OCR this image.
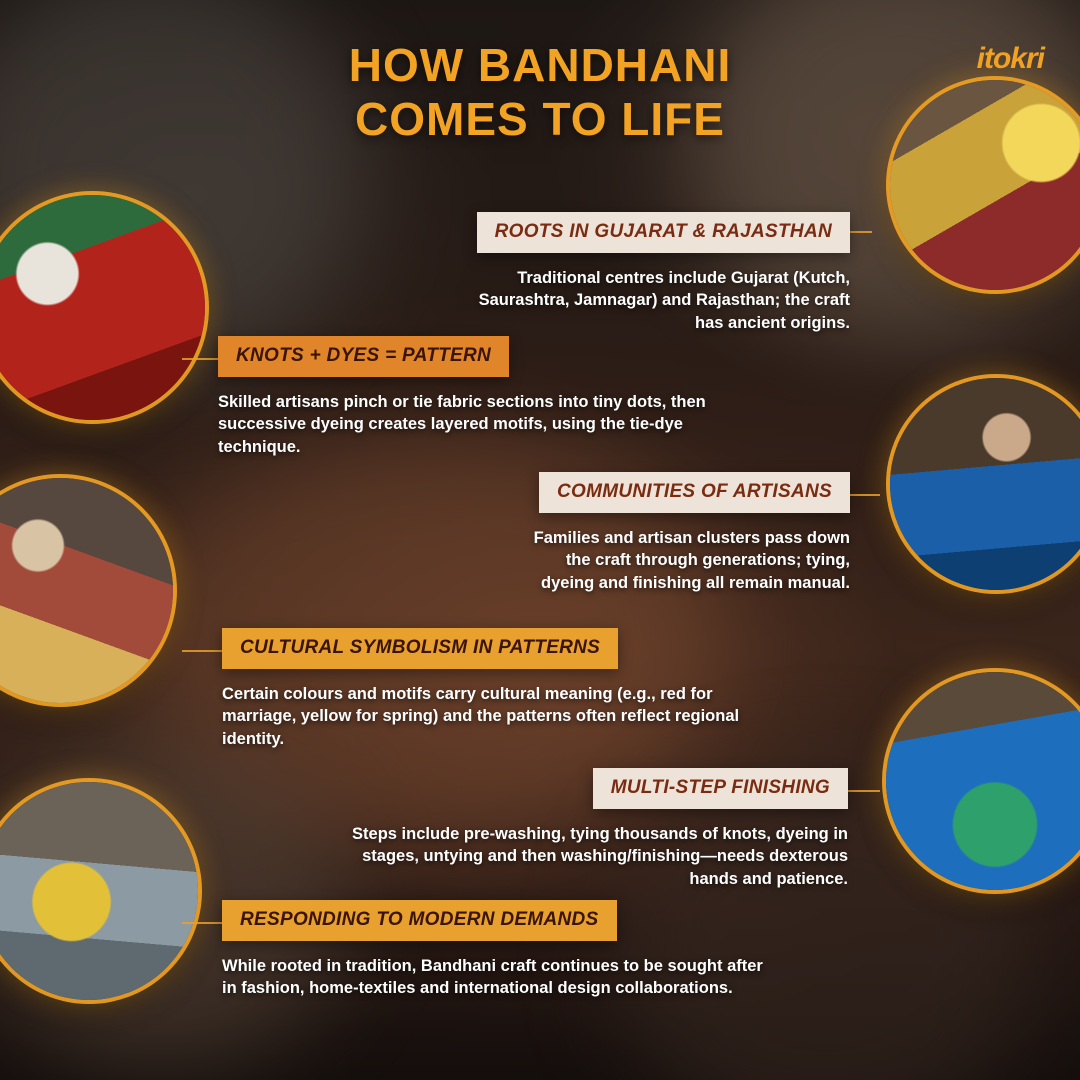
HOW BANDHANI
COMES TO LIFE
itokri
ROOTS IN GUJARAT & RAJASTHAN
Traditional centres include Gujarat (Kutch, Saurashtra, Jamnagar) and Rajasthan; the craft has ancient origins.
KNOTS + DYES = PATTERN
Skilled artisans pinch or tie fabric sections into tiny dots, then successive dyeing creates layered motifs, using the tie-dye technique.
COMMUNITIES OF ARTISANS
Families and artisan clusters pass down the craft through generations; tying, dyeing and finishing all remain manual.
CULTURAL SYMBOLISM IN PATTERNS
Certain colours and motifs carry cultural meaning (e.g., red for marriage, yellow for spring) and the patterns often reflect regional identity.
MULTI-STEP FINISHING
Steps include pre-washing, tying thousands of knots, dyeing in stages, untying and then washing/finishing—needs dexterous hands and patience.
RESPONDING TO MODERN DEMANDS
While rooted in tradition, Bandhani craft continues to be sought after in fashion, home-textiles and international design collaborations.
